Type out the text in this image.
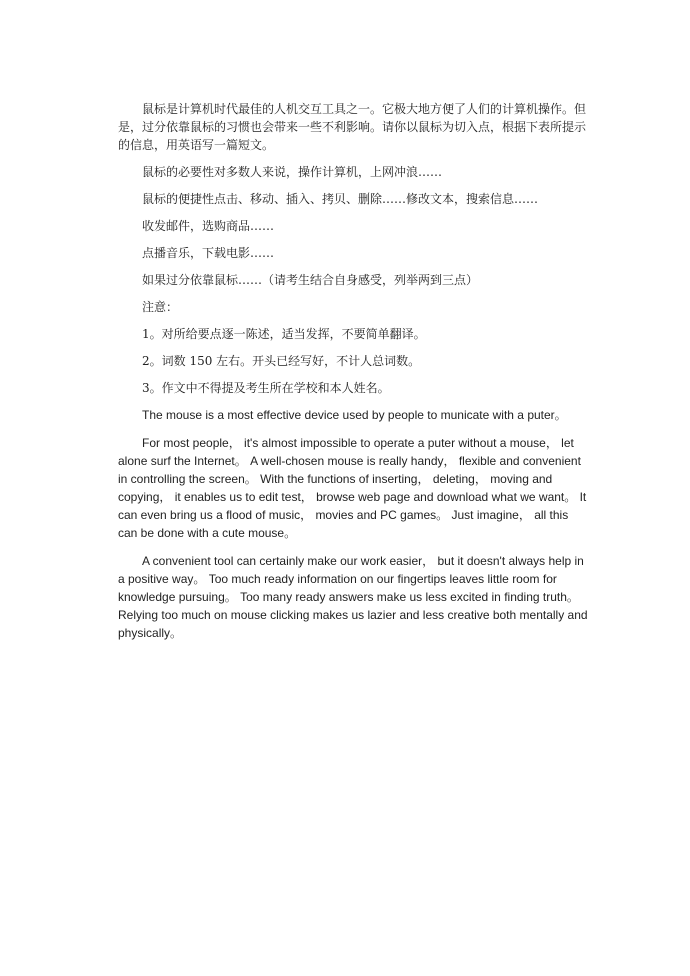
鼠标是计算机时代最佳的人机交互工具之一。它极大地方便了人们的计算机操作。但是，过分依靠鼠标的习惯也会带来一些不利影响。请你以鼠标为切入点，根据下表所提示的信息，用英语写一篇短文。

鼠标的必要性对多数人来说，操作计算机，上网冲浪……

鼠标的便捷性点击、移动、插入、拷贝、删除……修改文本，搜索信息……

收发邮件，选购商品……

点播音乐，下载电影……

如果过分依靠鼠标……（请考生结合自身感受，列举两到三点）

注意：

1。对所给要点逐一陈述，适当发挥，不要简单翻译。

2。词数 150 左右。开头已经写好，不计人总词数。

3。作文中不得提及考生所在学校和本人姓名。

The mouse is a most effective device used by people to municate with a puter。

For most people， it's almost impossible to operate a puter without a mouse， let alone surf the Internet。 A well-chosen mouse is really handy， flexible and convenient in controlling the screen。 With the functions of inserting， deleting， moving and copying， it enables us to edit test， browse web page and download what we want。 It can even bring us a flood of music， movies and PC games。 Just imagine， all this can be done with a cute mouse。

A convenient tool can certainly make our work easier， but it doesn't always help in a positive way。 Too much ready information on our fingertips leaves little room for knowledge pursuing。 Too many ready answers make us less excited in finding truth。 Relying too much on mouse clicking makes us lazier and less creative both mentally and physically。
